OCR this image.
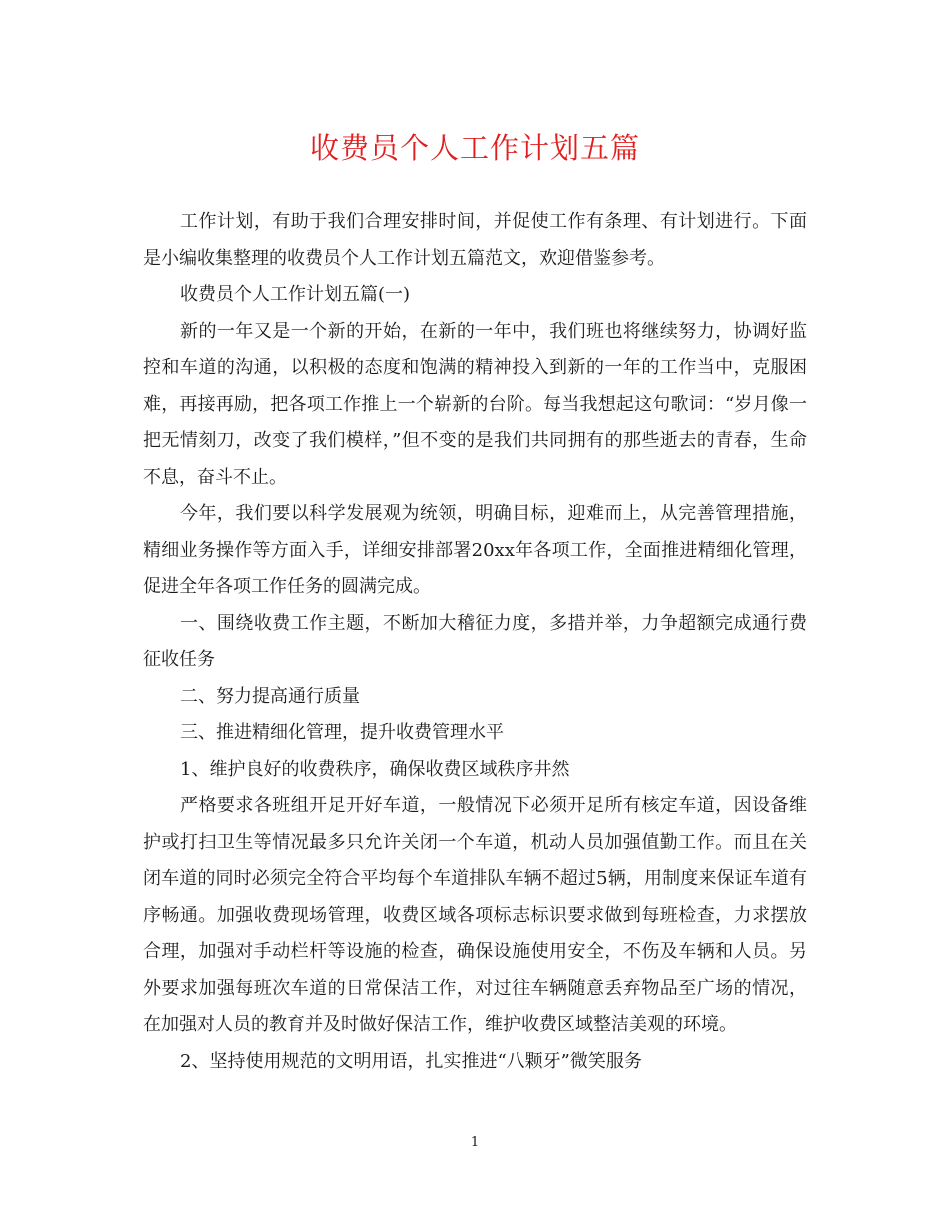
收费员个人工作计划五篇

工作计划，有助于我们合理安排时间，并促使工作有条理、有计划进行。下面是小编收集整理的收费员个人工作计划五篇范文，欢迎借鉴参考。

收费员个人工作计划五篇(一)

新的一年又是一个新的开始，在新的一年中，我们班也将继续努力，协调好监控和车道的沟通，以积极的态度和饱满的精神投入到新的一年的工作当中，克服困难，再接再励，把各项工作推上一个崭新的台阶。每当我想起这句歌词：“岁月像一把无情刻刀，改变了我们模样，”但不变的是我们共同拥有的那些逝去的青春，生命不息，奋斗不止。

今年，我们要以科学发展观为统领，明确目标，迎难而上，从完善管理措施，精细业务操作等方面入手，详细安排部署20xx年各项工作，全面推进精细化管理，促进全年各项工作任务的圆满完成。

一、围绕收费工作主题，不断加大稽征力度，多措并举，力争超额完成通行费征收任务

二、努力提高通行质量

三、推进精细化管理，提升收费管理水平

1、维护良好的收费秩序，确保收费区域秩序井然

严格要求各班组开足开好车道，一般情况下必须开足所有核定车道，因设备维护或打扫卫生等情况最多只允许关闭一个车道，机动人员加强值勤工作。而且在关闭车道的同时必须完全符合平均每个车道排队车辆不超过5辆，用制度来保证车道有序畅通。加强收费现场管理，收费区域各项标志标识要求做到每班检查，力求摆放合理，加强对手动栏杆等设施的检查，确保设施使用安全，不伤及车辆和人员。另外要求加强每班次车道的日常保洁工作，对过往车辆随意丢弃物品至广场的情况，在加强对人员的教育并及时做好保洁工作，维护收费区域整洁美观的环境。

2、坚持使用规范的文明用语，扎实推进“八颗牙”微笑服务

1
